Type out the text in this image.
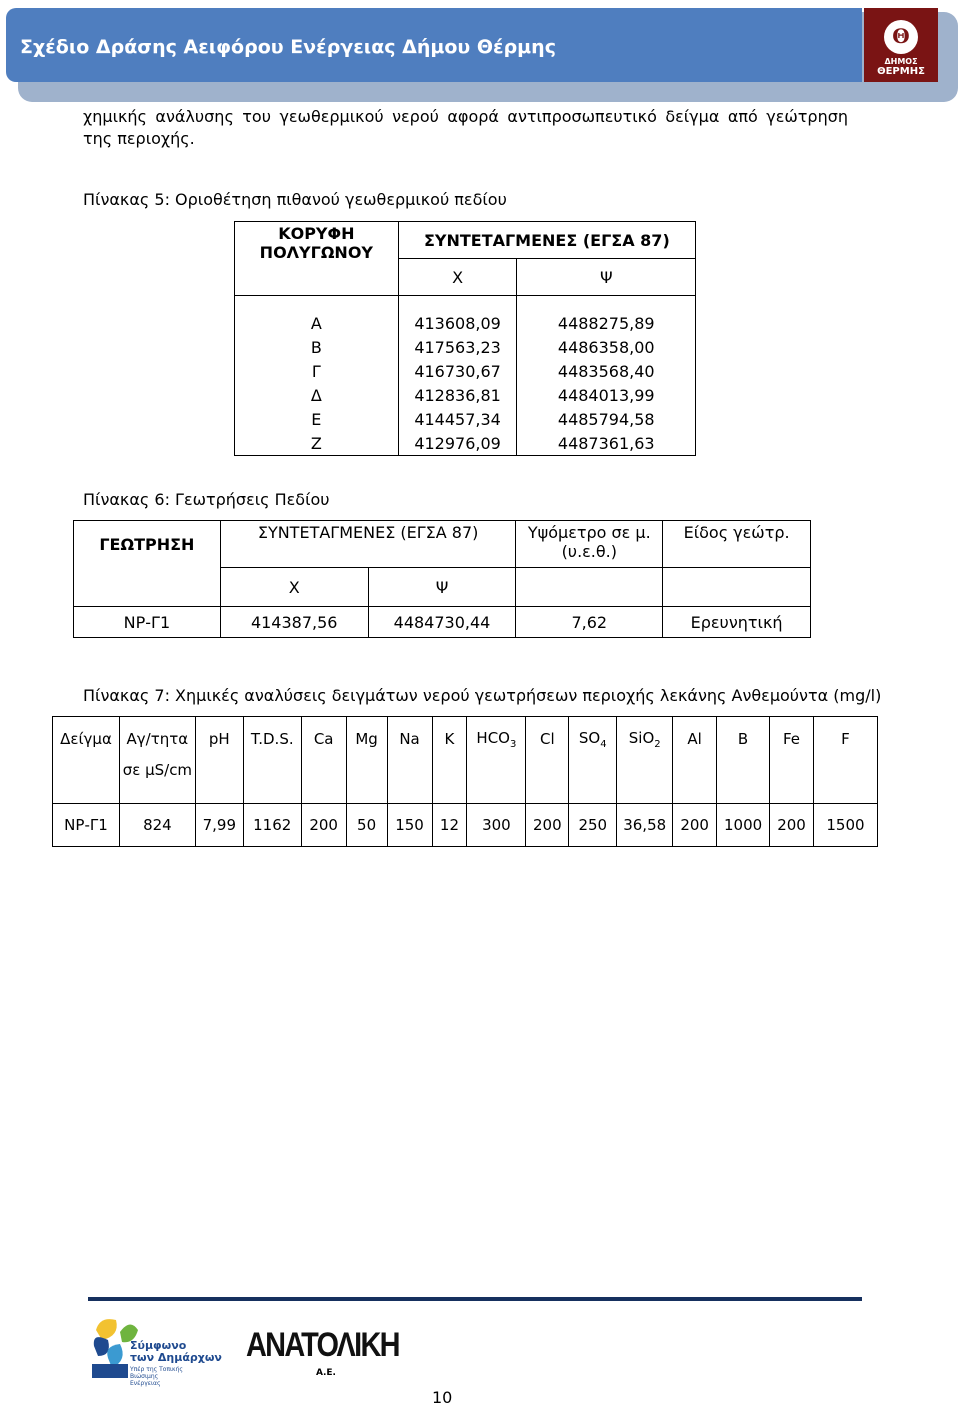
Σχέδιο Δράσης Αειφόρου Ενέργειας Δήμου Θέρμης	Θ
ΔΗΜΟΣ
ΘΕΡΜΗΣ
χημικής ανάλυσης του γεωθερμικού νερού αφορά αντιπροσωπευτικό δείγμα από γεώτρηση της περιοχής.
Πίνακας 5: Οριοθέτηση πιθανού γεωθερμικού πεδίου
ΚΟΡΥΦΗ ΠΟΛΥΓΩΝΟΥ	ΣΥΝΤΕΤΑΓΜΕΝΕΣ (ΕΓΣΑ 87)	
	Χ	Ψ

Α	413608,09	4488275,89
Β	417563,23	4486358,00
Γ	416730,67	4483568,40
Δ	412836,81	4484013,99
Ε	414457,34	4485794,58
Ζ	412976,09	4487361,63
Πίνακας 6: Γεωτρήσεις Πεδίου
ΓΕΩΤΡΗΣΗ	ΣΥΝΤΕΤΑΓΜΕΝΕΣ (ΕΓΣΑ 87)		Υψόμετρο σε μ. (υ.ε.θ.)	Είδος γεώτρ.
	Χ	Ψ		
ΝΡ-Γ1	414387,56	4484730,44	7,62	Ερευνητική
Πίνακας 7: Χημικές αναλύσεις δειγμάτων νερού γεωτρήσεων περιοχής λεκάνης Ανθεμούντα (mg/l)
Δείγμα	Αγ/τητα	pH	T.D.S.	Ca	Mg	Na	K	$HCO_3$	Cl	$SO_4$	SiO$_2$	Al	B	Fe	F
	σε μS/cm														
ΝΡ-Γ1	824	7,99	1162	200	50	150	12	300	200	250	36,58	200	1000	200	1500
Σύμφωνο
των Δημάρχων
Υπέρ της Τοπικής Βιώσιμης Ενέργειας
ΑΝΑΤΟΛΙΚΗ
Α.Ε.
10
